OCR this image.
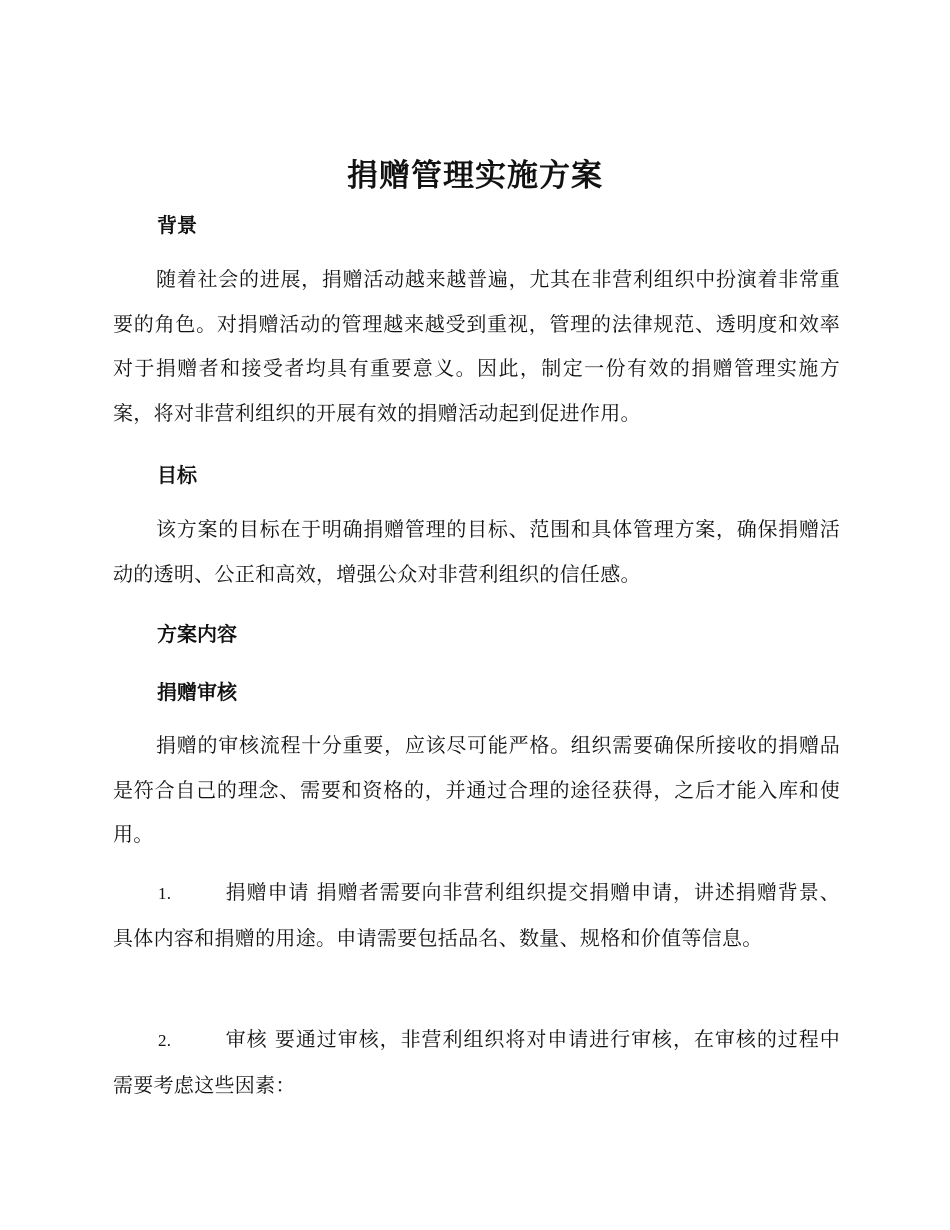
捐赠管理实施方案
背景

随着社会的进展，捐赠活动越来越普遍，尤其在非营利组织中扮演着非常重要的角色。对捐赠活动的管理越来越受到重视，管理的法律规范、透明度和效率对于捐赠者和接受者均具有重要意义。因此，制定一份有效的捐赠管理实施方案，将对非营利组织的开展有效的捐赠活动起到促进作用。

目标

该方案的目标在于明确捐赠管理的目标、范围和具体管理方案，确保捐赠活动的透明、公正和高效，增强公众对非营利组织的信任感。

方案内容
捐赠审核

捐赠的审核流程十分重要，应该尽可能严格。组织需要确保所接收的捐赠品是符合自己的理念、需要和资格的，并通过合理的途径获得，之后才能入库和使用。

1.	捐赠申请 捐赠者需要向非营利组织提交捐赠申请，讲述捐赠背景、具体内容和捐赠的用途。申请需要包括品名、数量、规格和价值等信息。

2.	审核 要通过审核，非营利组织将对申请进行审核，在审核的过程中需要考虑这些因素：
